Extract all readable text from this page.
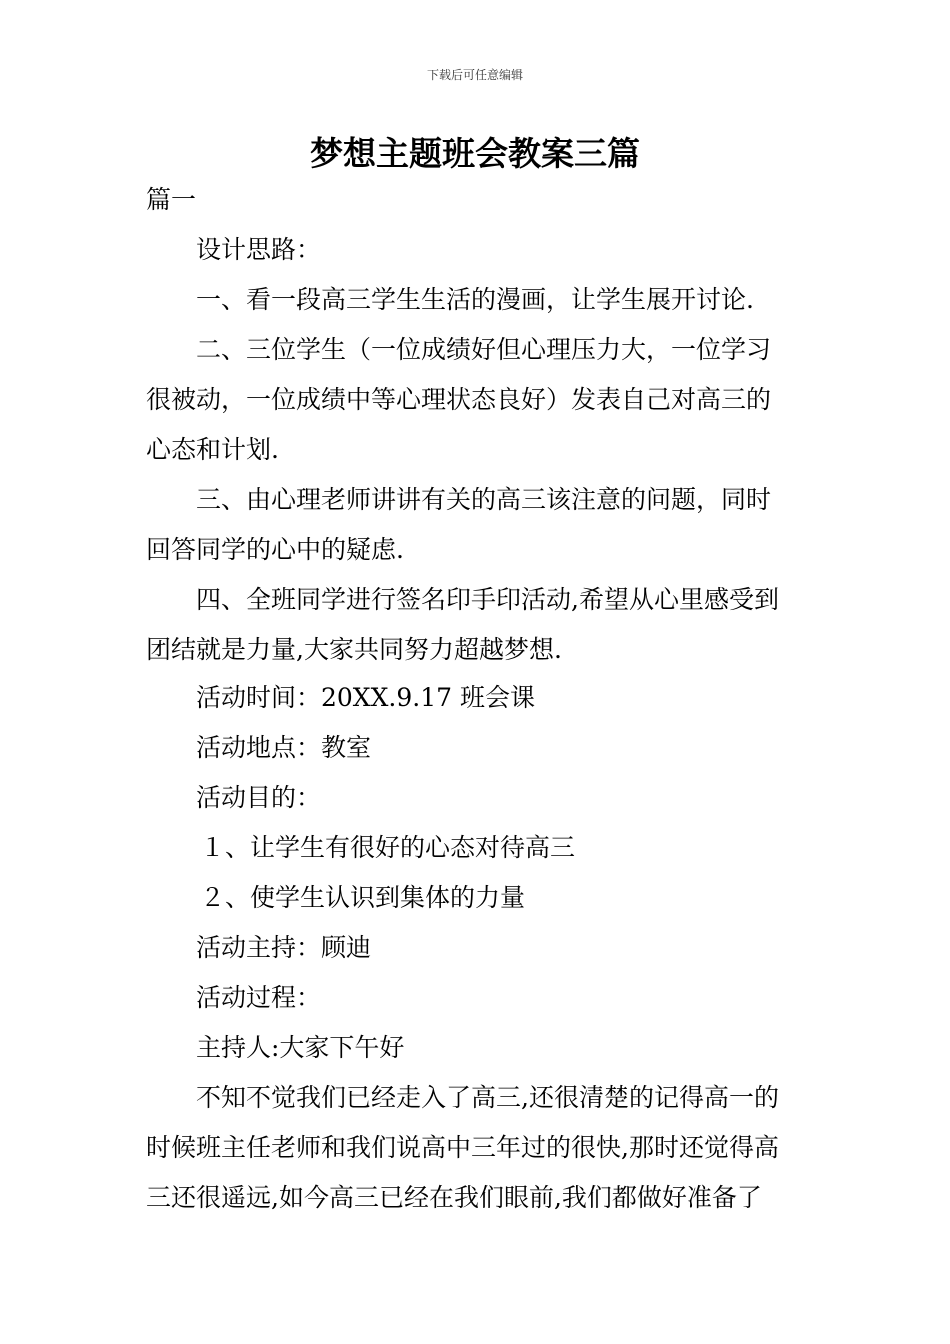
下载后可任意编辑
梦想主题班会教案三篇
篇一
设计思路：
一、看一段高三学生生活的漫画，让学生展开讨论.
二、三位学生（一位成绩好但心理压力大，一位学习
很被动，一位成绩中等心理状态良好）发表自己对高三的
心态和计划.
三、由心理老师讲讲有关的高三该注意的问题，同时
回答同学的心中的疑虑.
四、全班同学进行签名印手印活动,希望从心里感受到
团结就是力量,大家共同努力超越梦想.
活动时间：20XX.9.17 班会课
活动地点：教室
活动目的：
１、让学生有很好的心态对待高三
２、使学生认识到集体的力量
活动主持：顾迪
活动过程：
主持人:大家下午好
不知不觉我们已经走入了高三,还很清楚的记得高一的
时候班主任老师和我们说高中三年过的很快,那时还觉得高
三还很遥远,如今高三已经在我们眼前,我们都做好准备了
